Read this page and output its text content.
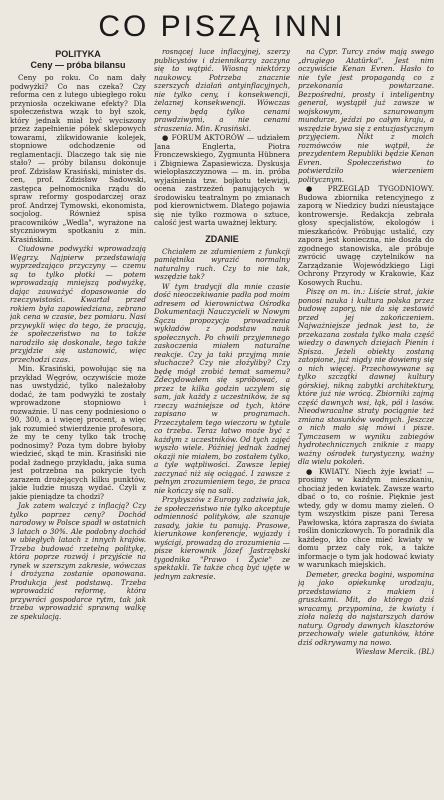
CO PISZĄ INNI
POLITYKA
Ceny — próba bilansu

Ceny po roku. Co nam dały podwyżki? Co nas czeka? Czy reforma cen z lutego ubiegłego roku przyniosła oczekiwane efekty? Dla społeczeństwa wząk to był szok, który jednak miał być wyciszony przez zapełnienie półek sklepowych towarami, zlikwidowanie kolejek, stopniowe odchodzenie od reglamentacji. Dlaczego tak się nie stało? — próby bilansu dokonuje prof. Zdzisław Krasiński, minister ds. cen, prof. Zdzisław Sadowski, zastępca pełnomocnika rządu do spraw reformy gospodarczej oraz prof. Andrzej Tymowski, ekonomista, socjolog. Również spisa pracowników „Wedla", wyrażone na styczniowym spotkaniu z min. Krasińskim.

Ciudowne podwyżki wprowadzają Węgrzy. Najpierw przedstawiają wyprzedzająco przyczyny — czemu są to tylko płotki — potem wprowadzają mniejszą podwyżkę, dając zauważyć dopasowanie do rzeczywistości. Kwartał przed rokiem była zapowiedziana, zebrano jak cena w czasie, bez pomiaru. Nasi przywykli więc do tego, że pracują, że społeczeństwo na to także narodziło się doskonale, tego także przyjdzie się ustanowić, więc przechodzi czas.

Min. Krasiński, powołując się na przykład Węgrów, oczywiście może nas uwstydzić, tylko należałoby dodać, że tam podwyżki te zostały wprowadzone stopniowo i rozważnie. U nas ceny podniesiono o 90, 300, a i więcej procent, a więc jak rozumieć stwierdzenie profesora, że my te ceny tylko tak trochę podnosimy? Poza tym dobre byłoby wiedzieć, skąd te min. Krasiński nie podał żadnego przykładu, jaka suma jest potrzebna na pokrycie tych zarazem drożejących kilku punktów, jakie ludzie muszą wydać. Czyli z jakie pieniądze ta chodzi?

Jak zatem walczyć z inflacją? Czy tylko poprzez ceny? Dochód narodowy w Polsce spadł w ostatnich 3 latach o 30%. Ale podobny dochód w ubiegłych latach z innych krajów. Trzeba budować rzetelną politykę, która poprze rozwój i przyjście na rynek w szerszym zakresie, wówczas i drożyzna zostanie opanowana. Produkcja jest podstawą. Trzeba wprowadzić reformę, która przywróci gospodarce rytm, tak jak trzeba wprowadzić sprawną walkę ze spekulacją.

rosnącej luce inflacyjnej, szerzy publicystów i dziennikarzy zaczyna się to wątpić. Wiosną niektórzy naukowcy. Potrzeba znacznie szerszych działań antyinflacyjnych, nie tylko ceny, i konsekwencji, żelaznej konsekwencji. Wówczas ceny będą tylko cenami prawdziwymi, a nie cenami straszenia. Min. Krasiński.

● FORUM AKTORÓW — udziałem Jana Englerta, Piotra Fronczewskiego, Zygmunta Hübnera i Zbigniewa Zapasiewicza. Dyskusja wielopłaszczyznowa — m. in. próba wyjaśnienia tzw. bojkotu telewizji, ocena zastrzeżeń panujących w środowisku teatralnym po zmianach pod kierownictwem. Dlatego pojawia się nie tylko rozmowa o sztuce, calość jest warta uważnej lektury.

ZDANIE

Chciałem ze zdumieniem z funkcji pamiętnika wyrazić normalny naturalny ruch. Czy to nie tak, wszędzie tak?

W tym tradycji dla mnie czasie dość nieoczekiwanie padła pod moim adresem od kierownictwa Ośrodka Dokumentacji Nauczycieli w Nowym Sączu propozycja prowadzenia wykładów z podstaw nauk społecznych. Po chwili przyjemnego zaskoczenia miałem naturalne reakcje. Czy ja taki przyjmą mnie słuchacze? Czy nie złożyliby? Czy będę mógł zrobić temat samemu? Zdecydowałem się spróbować, a przez te kilka godzin uczyłem się sam, jak każdy z uczestników, że są rzeczy ważniejsze od tych, które zapisano w programach. Przeczytałem tego wieczoru w tytule co trzeba. Teraz łatwo może być z każdym z uczestników. Od tych zajęć wyszło wiele. Później jednak żadnej okazji nie miałem, bo zostałem tylko, a tyle wątpliwości. Zawsze lepiej zaczynać niż się ociągać. I zawsze z pełnym zrozumieniem tego, że praca nie kończy się na sali.

Przybyszów z Europy zadziwia jak, że społeczeństwo nie tylko akceptuje odmienność polityków, ale szanuje zasady, jakie tu panują. Prasowe, kierunkowe konferencje, wyjazdy i wyścigi, prowadzą do zrozumienia — pisze kierownik Józef Jastrzębski tygodnika "Prawo i Życie" ze spektakli. Te także chcą być ujęte w jednym zakresie.

na Cypr. Turcy znów mają swego „drugiego Atatürka". Jest nim oczywiście Kenan Evren. Hasło to nie tyle jest propagandą co z przekonania powtarzane. Bezpośredni, prosty i inteligentny generał, wystąpił już zawsze w wojskowym, sznurowanym mundurze, jeździ po całym kraju, a wszędzie bywa się z entuzjastycznym przyjęciem. Nikt z moich rozmówców nie wątpił, że prezydentem Republiki będzie Kenan Evren. Społeczeństwo to potwierdziło wierzeniem politycznym.

● PRZEGLĄD TYGODNIOWY. Budowa zbiornika retencyjnego z zaporą w Niedzicy budzi nieustające kontrowersje. Redakcja zebrała głosy specjalistów, ekologów i mieszkańców. Próbując ustalić, czy zapora jest konieczna, nie doszła do zgodnego stanowiska, ale próbuje zwrócić uwagę czytelników na Zarządzanie Wojewódzkiego Ligi Ochrony Przyrody w Krakowie, Kaz Kosowych Ruchu.

Piszę on m. in.: Liście strat, jakie ponosi nauka i kultura polska przez budowę zapory, nie da się zestawić przed jej zakończeniem. Najważniejsze jednak jest to, że przekazana została tylko mała część wiedzy o dawnych dziejach Pienin i Spisza. Jeżeli obiekty zostaną zatopione, już nigdy nie dowiemy się o nich więcej. Przechowywane są tylko szczątki dawnej kultury górskiej, nikną zabytki architektury, które już nie wrócą. Zbiorniki zajmą część dawnych wsi, łąk, pól i lasów. Nieodwracalne straty pociągnie też zmiana stosunków wodnych. Jeszcze o nich mało się mówi i pisze. Tymczasem w wyniku zabiegów hydrotechnicznych zniknie z mapy ważny ośrodek turystyczny, ważny dla wielu pokoleń.

● KWIATY. Niech żyje kwiat! — prosimy w każdym mieszkaniu, chociaż jeden kwiatek. Zawsze warto dbać o to, co rośnie. Pięknie jest wtedy, gdy w domu mamy zieleń. O tym wszystkim pisze pani Teresa Pawłowska, która zaprasza do świata roślin doniczkowych. To poradnik dla każdego, kto chce mieć kwiaty w domu przez cały rok, a także informacje o tym jak hodować kwiaty w warunkach miejskich.

Demeter, grecka bogini, wspomina ją jako opiekunkę urodzaju, przedstawiano z makiem i gruszkami. Mit, do którego dziś wracamy, przypomina, że kwiaty i zioła należą do najstarszych darów natury. Ogrody dawnych klasztorów przechowały wiele gatunków, które dziś odkrywamy na nowo.

Wiesław Mercik. (BL)
